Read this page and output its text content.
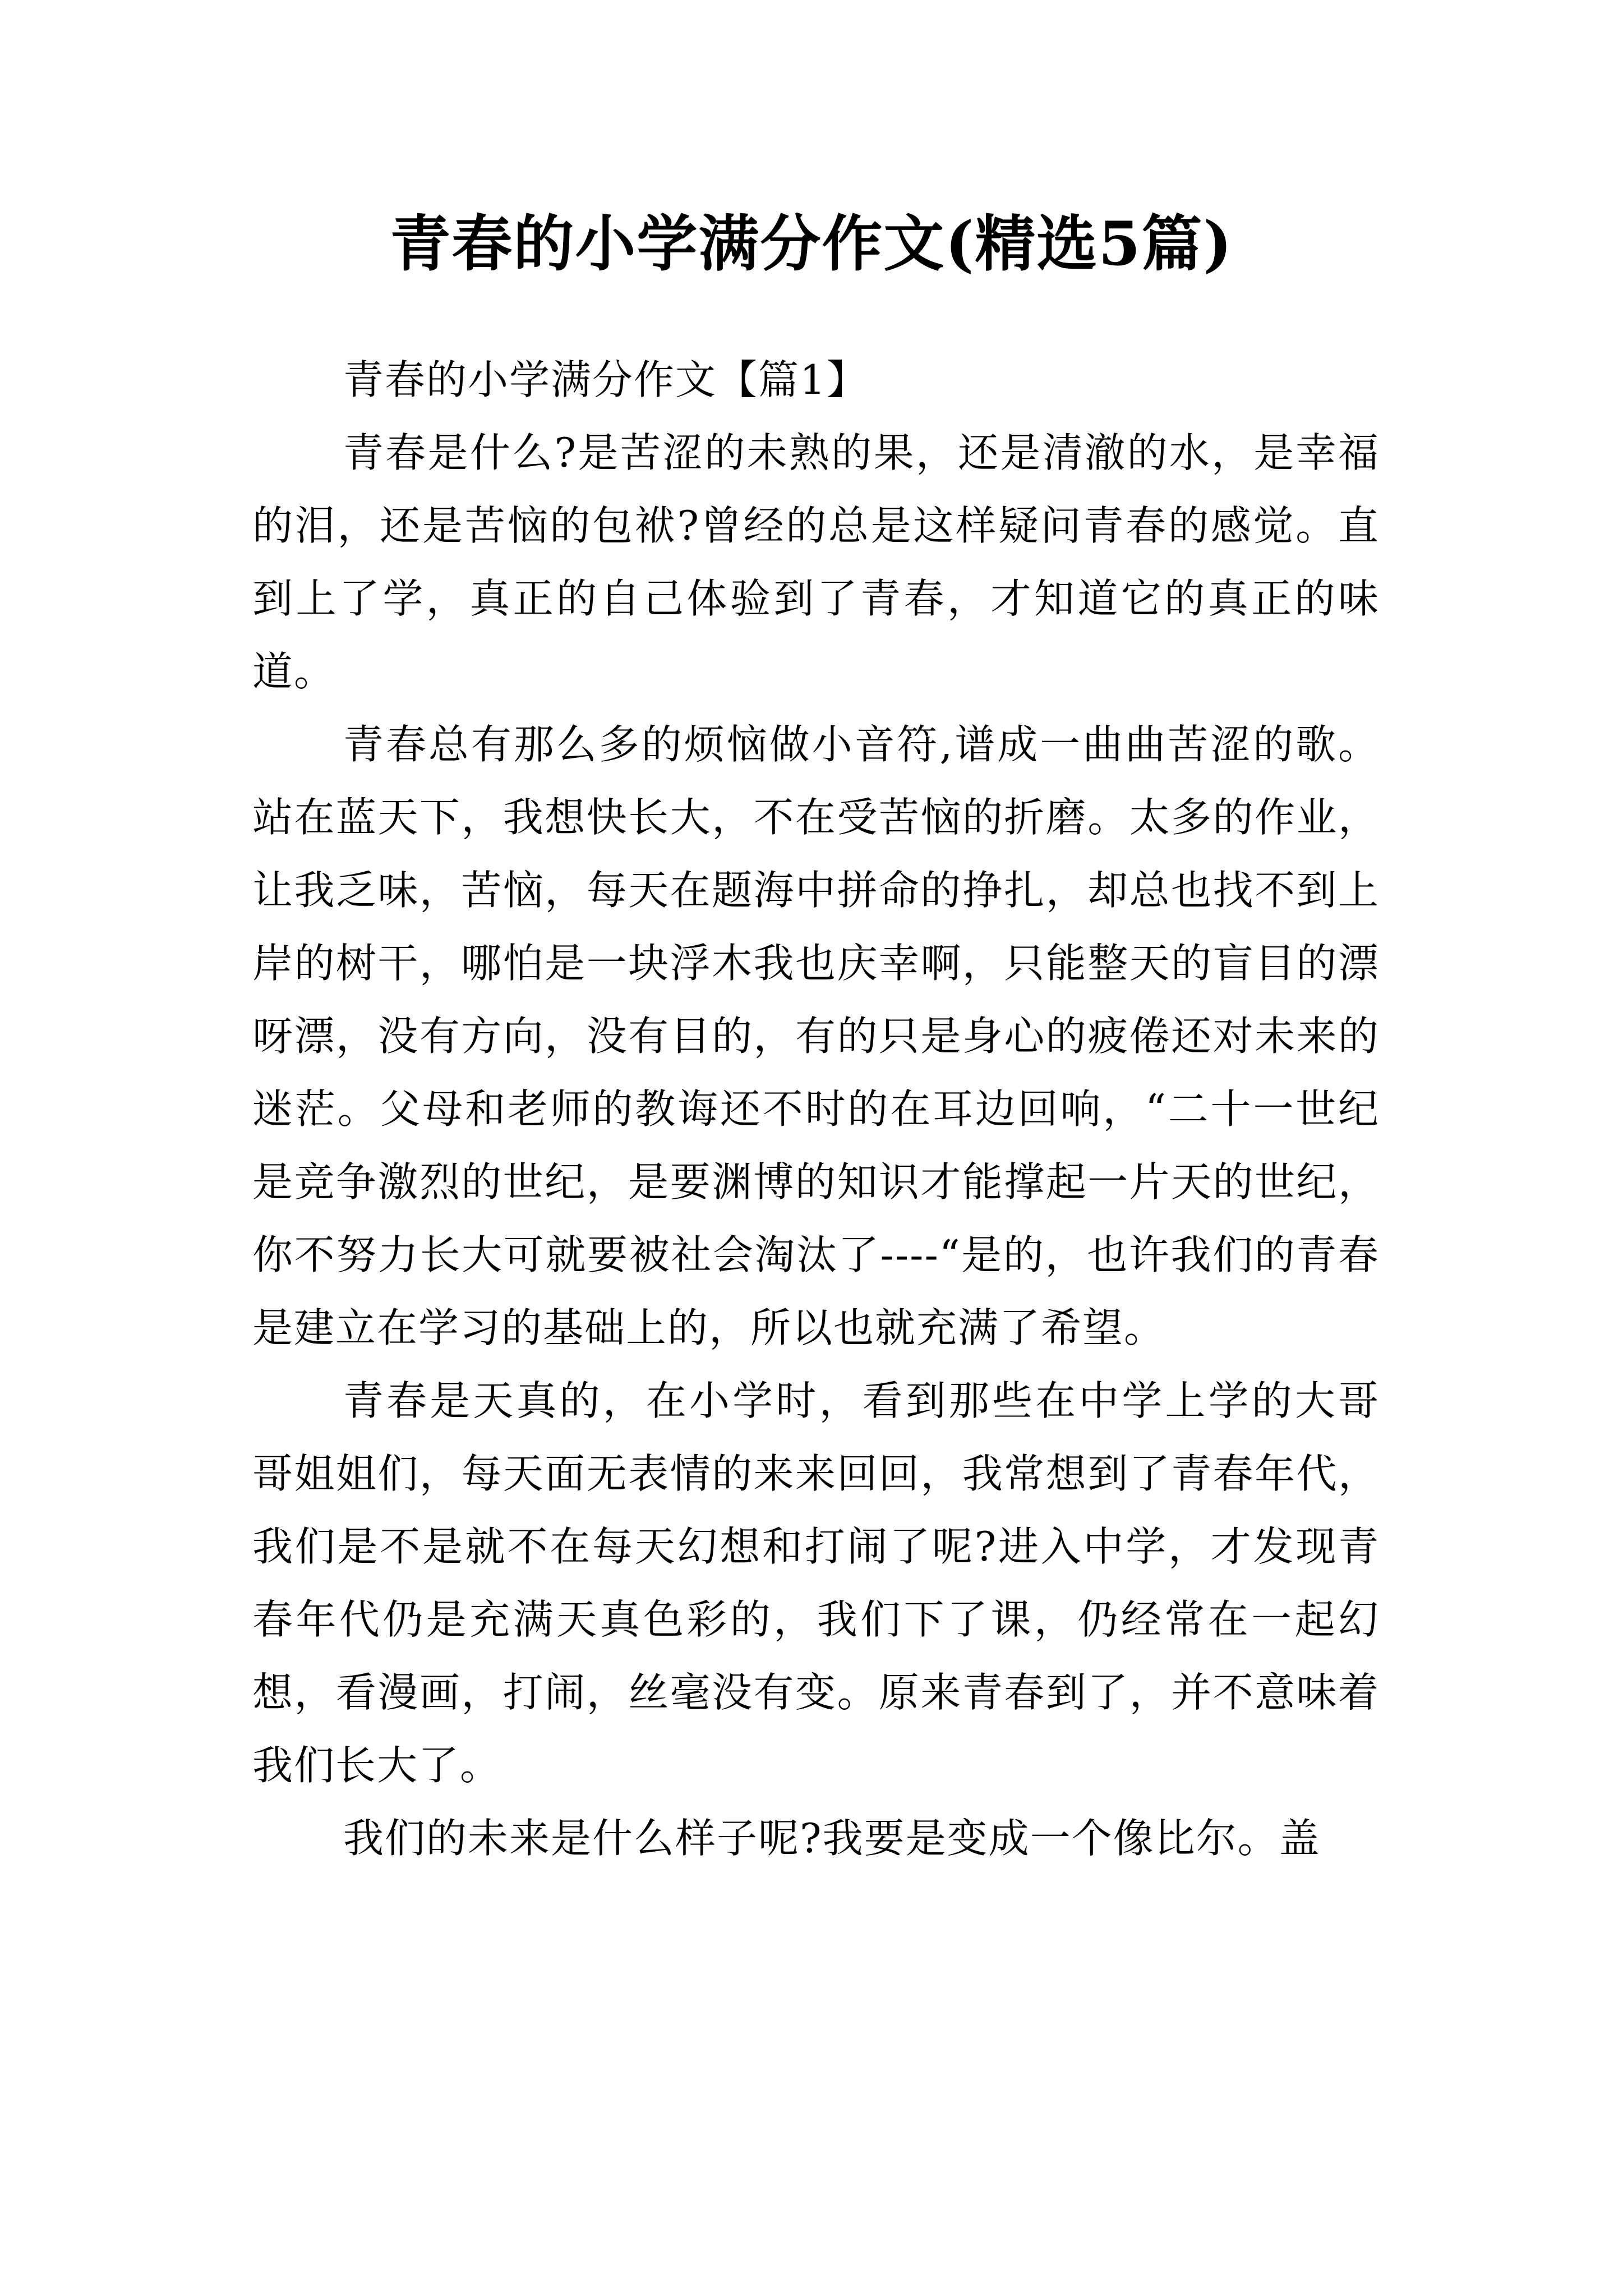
青春的小学满分作文(精选5篇)

青春的小学满分作文【篇1】

青春是什么?是苦涩的未熟的果，还是清澈的水，是幸福的泪，还是苦恼的包袱?曾经的总是这样疑问青春的感觉。直到上了学，真正的自己体验到了青春，才知道它的真正的味道。

青春总有那么多的烦恼做小音符,谱成一曲曲苦涩的歌。站在蓝天下，我想快长大，不在受苦恼的折磨。太多的作业，让我乏味，苦恼，每天在题海中拼命的挣扎，却总也找不到上岸的树干，哪怕是一块浮木我也庆幸啊，只能整天的盲目的漂呀漂，没有方向，没有目的，有的只是身心的疲倦还对未来的迷茫。父母和老师的教诲还不时的在耳边回响，“二十一世纪是竞争激烈的世纪，是要渊博的知识才能撑起一片天的世纪，你不努力长大可就要被社会淘汰了----“是的，也许我们的青春是建立在学习的基础上的，所以也就充满了希望。

青春是天真的，在小学时，看到那些在中学上学的大哥哥姐姐们，每天面无表情的来来回回，我常想到了青春年代，我们是不是就不在每天幻想和打闹了呢?进入中学，才发现青春年代仍是充满天真色彩的，我们下了课，仍经常在一起幻想，看漫画，打闹，丝毫没有变。原来青春到了，并不意味着我们长大了。

我们的未来是什么样子呢?我要是变成一个像比尔。盖
